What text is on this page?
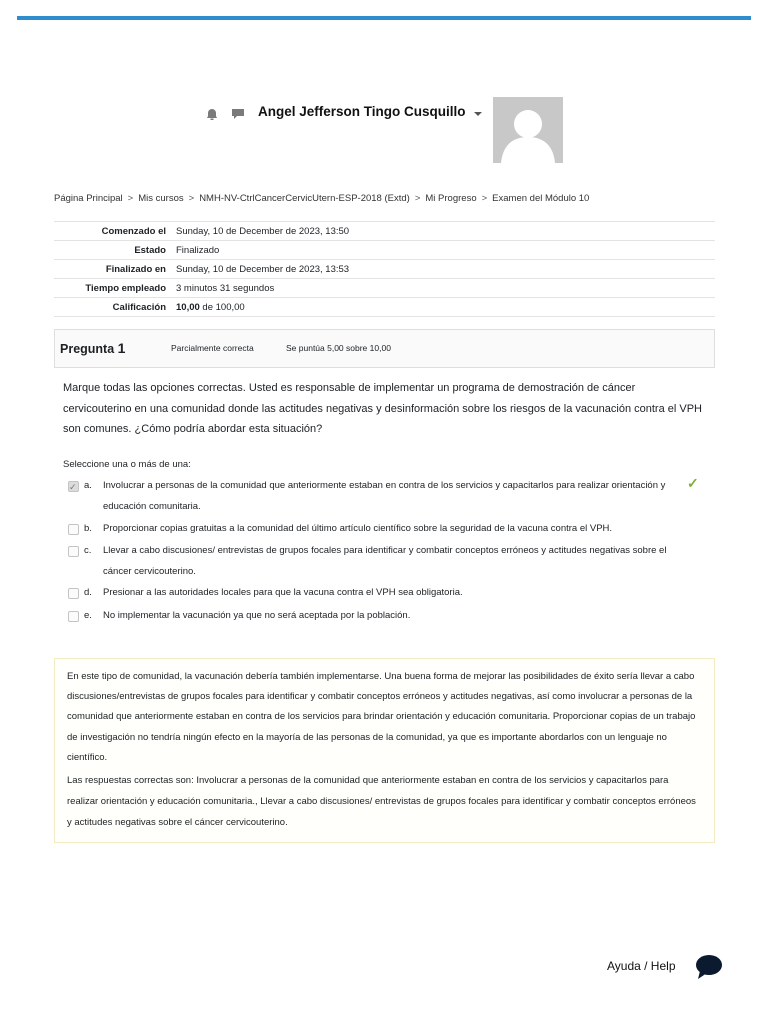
Angel Jefferson Tingo Cusquillo
Página Principal > Mis cursos > NMH-NV-CtrlCancerCervicUtern-ESP-2018 (Extd) > Mi Progreso > Examen del Módulo 10
Comenzado el	Sunday, 10 de December de 2023, 13:50
Estado	Finalizado
Finalizado en	Sunday, 10 de December de 2023, 13:53
Tiempo empleado	3 minutos 31 segundos
Calificación	10,00 de 100,00
Pregunta 1	Parcialmente correcta	Se puntúa 5,00 sobre 10,00
Marque todas las opciones correctas. Usted es responsable de implementar un programa de demostración de cáncer cervicouterino en una comunidad donde las actitudes negativas y desinformación sobre los riesgos de la vacunación contra el VPH son comunes. ¿Cómo podría abordar esta situación?
Seleccione una o más de una:
✓
a. Involucrar a personas de la comunidad que anteriormente estaban en contra de los servicios y capacitarlos para realizar orientación y educación comunitaria.
✓
b. Proporcionar copias gratuitas a la comunidad del último artículo científico sobre la seguridad de la vacuna contra el VPH.
c. Llevar a cabo discusiones/ entrevistas de grupos focales para identificar y combatir conceptos erróneos y actitudes negativas sobre el cáncer cervicouterino.
d. Presionar a las autoridades locales para que la vacuna contra el VPH sea obligatoria.
e. No implementar la vacunación ya que no será aceptada por la población.

En este tipo de comunidad, la vacunación debería también implementarse. Una buena forma de mejorar las posibilidades de éxito sería llevar a cabo discusiones/entrevistas de grupos focales para identificar y combatir conceptos erróneos y actitudes negativas, así como involucrar a personas de la comunidad que anteriormente estaban en contra de los servicios para brindar orientación y educación comunitaria. Proporcionar copias de un trabajo de investigación no tendría ningún efecto en la mayoría de las personas de la comunidad, ya que es importante abordarlos con un lenguaje no científico.

Las respuestas correctas son: Involucrar a personas de la comunidad que anteriormente estaban en contra de los servicios y capacitarlos para realizar orientación y educación comunitaria., Llevar a cabo discusiones/ entrevistas de grupos focales para identificar y combatir conceptos erróneos y actitudes negativas sobre el cáncer cervicouterino.

Ayuda / Help
